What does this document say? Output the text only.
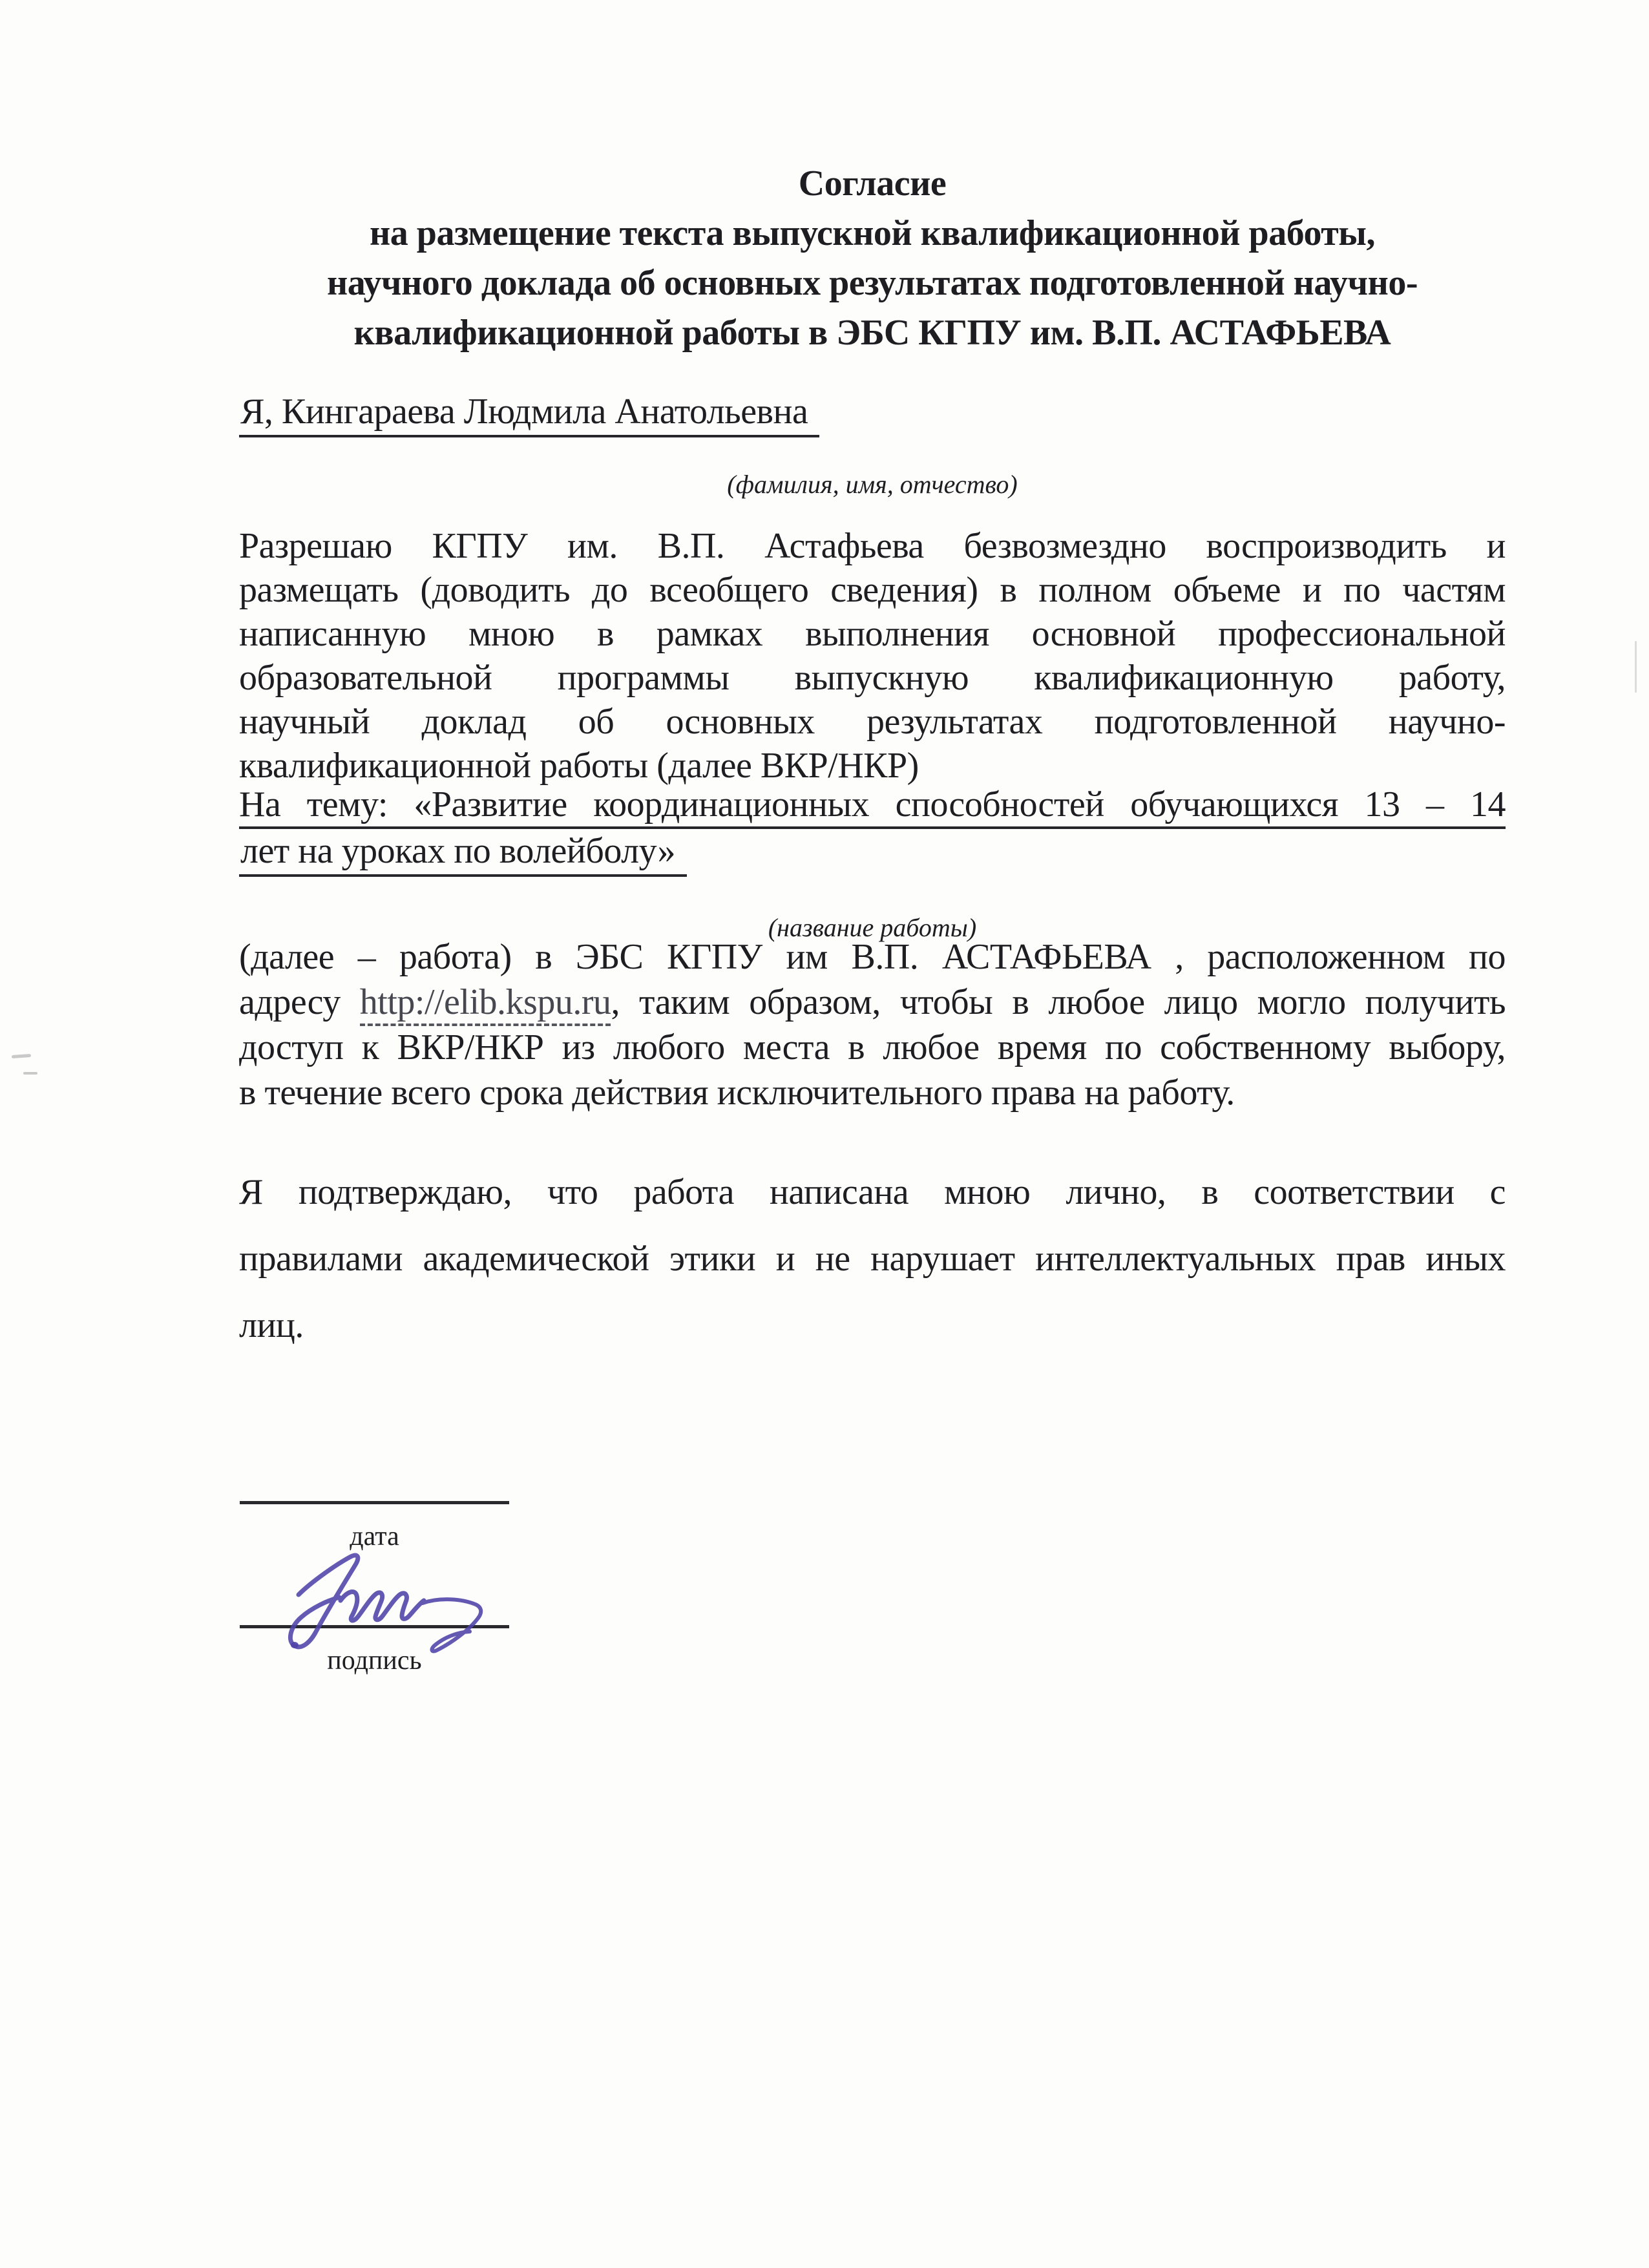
Согласие
на размещение текста выпускной квалификационной работы,
научного доклада об основных результатах подготовленной научно-
квалификационной работы в ЭБС КГПУ им. В.П. АСТАФЬЕВА
Я, Кингараева Людмила Анатольевна
(фамилия, имя, отчество)
Разрешаю КГПУ им. В.П. Астафьева безвозмездно воспроизводить и
размещать (доводить до всеобщего сведения) в полном объеме и по частям
написанную мною в рамках выполнения основной профессиональной
образовательной программы выпускную квалификационную работу,
научный доклад об основных результатах подготовленной научно-
квалификационной работы (далее ВКР/НКР)
На тему: «Развитие координационных способностей обучающихся 13 – 14
лет на уроках по волейболу»
(название работы)
(далее – работа) в ЭБС КГПУ им В.П. АСТАФЬЕВА , расположенном по
адресу http://elib.kspu.ru, таким образом, чтобы в любое лицо могло получить
доступ к ВКР/НКР из любого места в любое время по собственному выбору,
в течение всего срока действия исключительного права на работу.
Я подтверждаю, что работа написана мною лично, в соответствии с
правилами академической этики и не нарушает интеллектуальных прав иных
лиц.
дата
подпись
